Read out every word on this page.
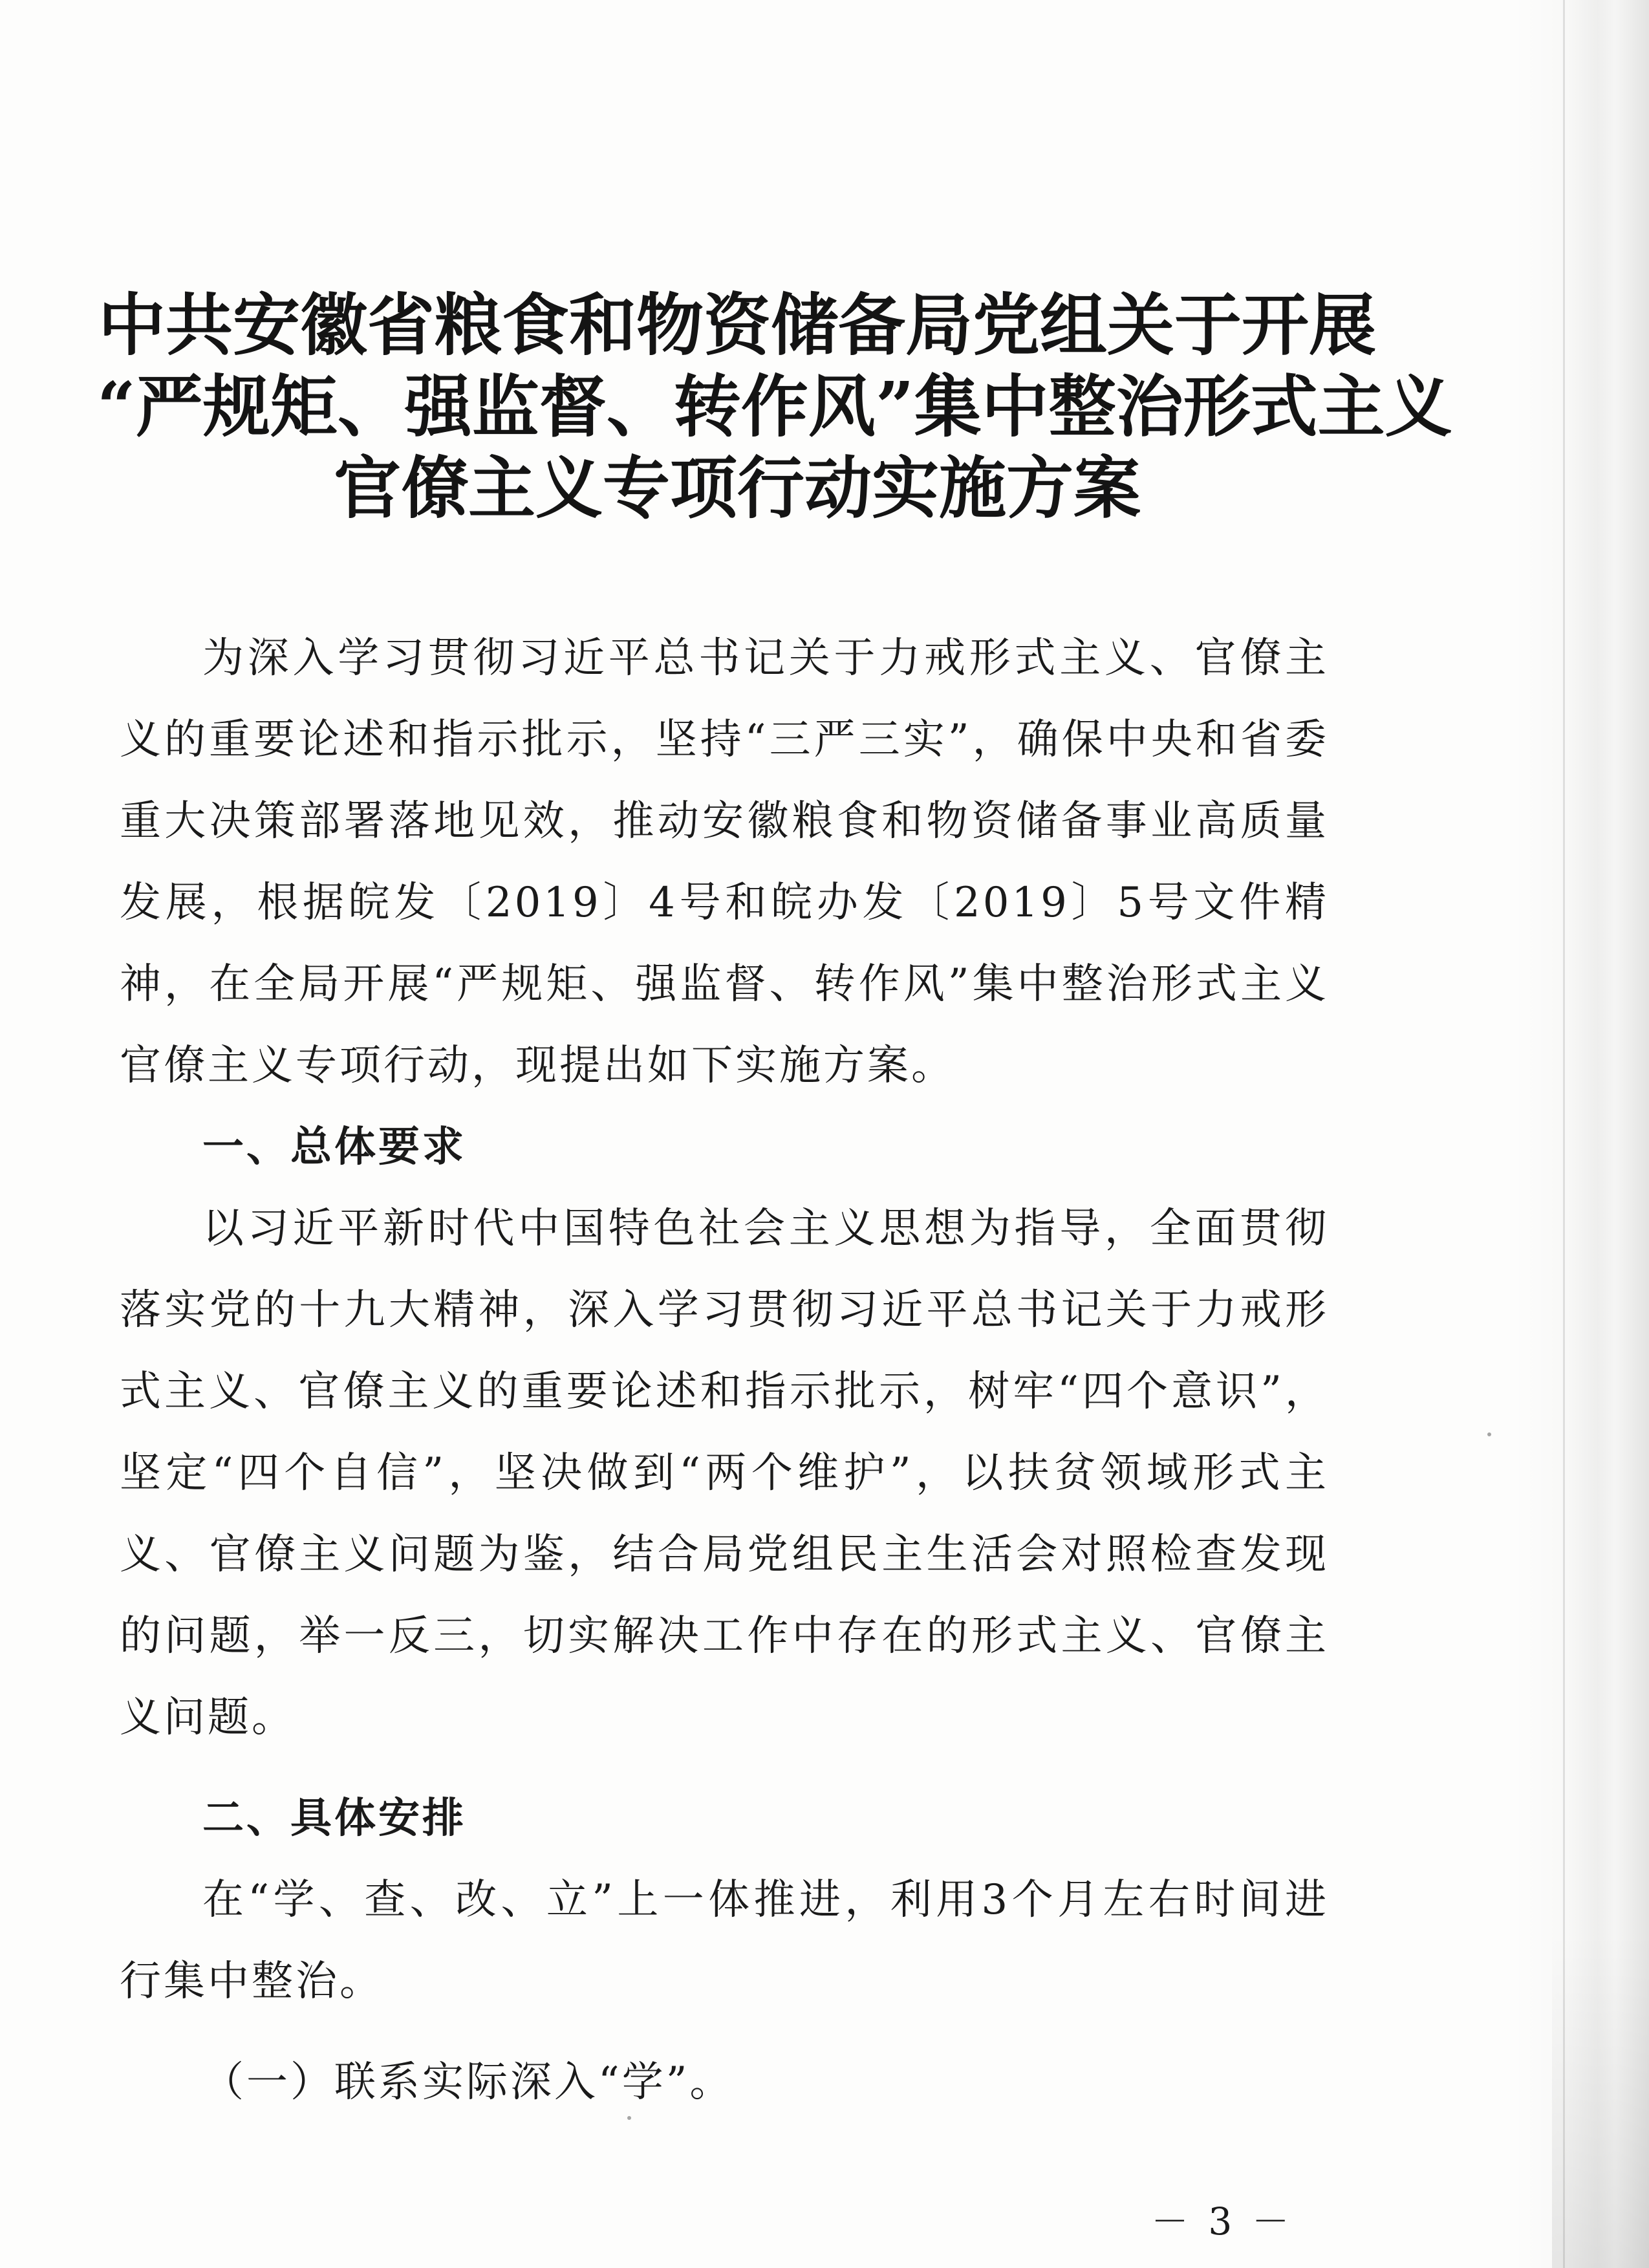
中共安徽省粮食和物资储备局党组关于开展
“严规矩、强监督、转作风”集中整治形式主义
官僚主义专项行动实施方案

为深入学习贯彻习近平总书记关于力戒形式主义、官僚主义的重要论述和指示批示，坚持“三严三实”，确保中央和省委重大决策部署落地见效，推动安徽粮食和物资储备事业高质量发展，根据皖发〔2019〕4号和皖办发〔2019〕5号文件精神，在全局开展“严规矩、强监督、转作风”集中整治形式主义官僚主义专项行动，现提出如下实施方案。

一、总体要求

以习近平新时代中国特色社会主义思想为指导，全面贯彻落实党的十九大精神，深入学习贯彻习近平总书记关于力戒形式主义、官僚主义的重要论述和指示批示，树牢“四个意识”，坚定“四个自信”，坚决做到“两个维护”，以扶贫领域形式主义、官僚主义问题为鉴，结合局党组民主生活会对照检查发现的问题，举一反三，切实解决工作中存在的形式主义、官僚主义问题。

二、具体安排

在“学、查、改、立”上一体推进，利用3个月左右时间进行集中整治。

（一）联系实际深入“学”。

－ 3 －
